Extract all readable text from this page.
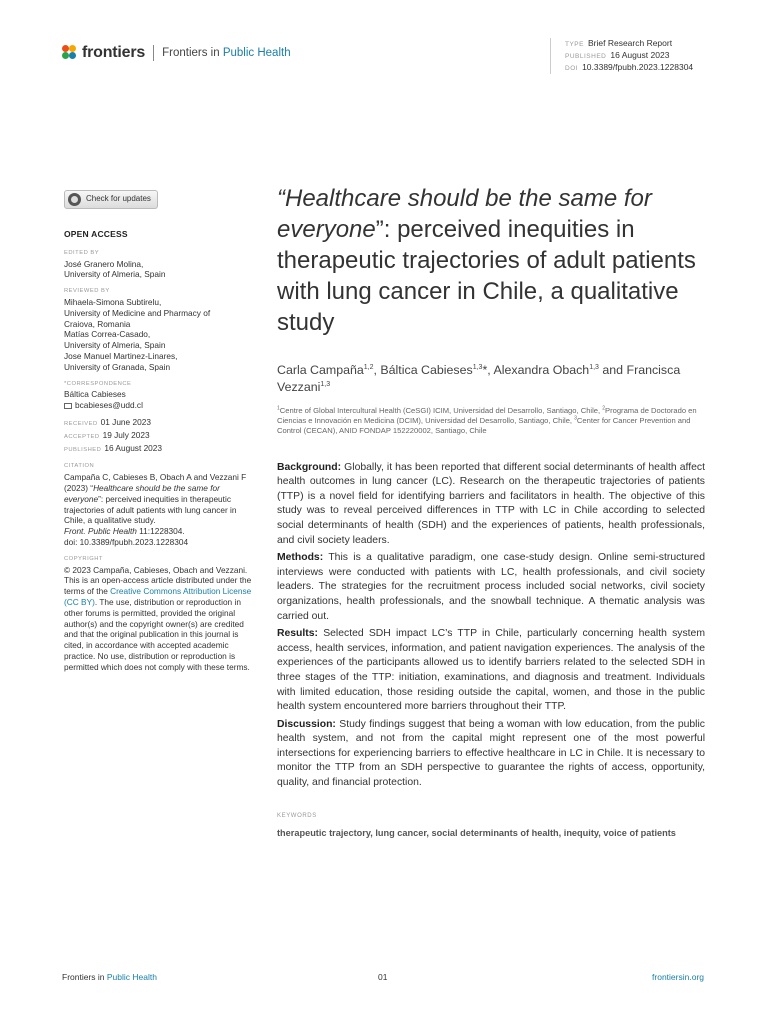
frontiers Frontiers in Public Health
TYPE Brief Research Report
PUBLISHED 16 August 2023
DOI 10.3389/fpubh.2023.1228304
Check for updates
OPEN ACCESS
EDITED BY
José Granero Molina,
University of Almeria, Spain
REVIEWED BY
Mihaela-Simona Subtirelu,
University of Medicine and Pharmacy of
Craiova, Romania
Matías Correa-Casado,
University of Almeria, Spain
Jose Manuel Martinez-Linares,
University of Granada, Spain
*CORRESPONDENCE
Báltica Cabieses
bcabieses@udd.cl
RECEIVED 01 June 2023
ACCEPTED 19 July 2023
PUBLISHED 16 August 2023
CITATION
Campaña C, Cabieses B, Obach A and Vezzani F (2023) “Healthcare should be the same for everyone”: perceived inequities in therapeutic trajectories of adult patients with lung cancer in Chile, a qualitative study.
Front. Public Health 11:1228304.
doi: 10.3389/fpubh.2023.1228304
COPYRIGHT
© 2023 Campaña, Cabieses, Obach and Vezzani. This is an open-access article distributed under the terms of the Creative Commons Attribution License (CC BY). The use, distribution or reproduction in other forums is permitted, provided the original author(s) and the copyright owner(s) are credited and that the original publication in this journal is cited, in accordance with accepted academic practice. No use, distribution or reproduction is permitted which does not comply with these terms.
“Healthcare should be the same for everyone”: perceived inequities in therapeutic trajectories of adult patients with lung cancer in Chile, a qualitative study
Carla Campaña$^{1,2}$, Báltica Cabieses$^{1,3}$*, Alexandra Obach$^{1,3}$ and Francisca Vezzani$^{1,3}$
$^1$Centre of Global Intercultural Health (CeSGI) ICIM, Universidad del Desarrollo, Santiago, Chile, $^2$Programa de Doctorado en Ciencias e Innovación en Medicina (DCIM), Universidad del Desarrollo, Santiago, Chile, $^3$Center for Cancer Prevention and Control (CECAN), ANID FONDAP 152220002, Santiago, Chile

Background: Globally, it has been reported that different social determinants of health affect health outcomes in lung cancer (LC). Research on the therapeutic trajectories of patients (TTP) is a novel field for identifying barriers and facilitators in health. The objective of this study was to reveal perceived differences in TTP with LC in Chile according to selected social determinants of health (SDH) and the experiences of patients, health professionals, and civil society leaders.

Methods: This is a qualitative paradigm, one case-study design. Online semi-structured interviews were conducted with patients with LC, health professionals, and civil society leaders. The strategies for the recruitment process included social networks, civil society organizations, health professionals, and the snowball technique. A thematic analysis was carried out.

Results: Selected SDH impact LC’s TTP in Chile, particularly concerning health system access, health services, information, and patient navigation experiences. The analysis of the experiences of the participants allowed us to identify barriers related to the selected SDH in three stages of the TTP: initiation, examinations, and diagnosis and treatment. Individuals with limited education, those residing outside the capital, women, and those in the public health system encountered more barriers throughout their TTP.

Discussion: Study findings suggest that being a woman with low education, from the public health system, and not from the capital might represent one of the most powerful intersections for experiencing barriers to effective healthcare in LC in Chile. It is necessary to monitor the TTP from an SDH perspective to guarantee the rights of access, opportunity, quality, and financial protection.

KEYWORDS
therapeutic trajectory, lung cancer, social determinants of health, inequity, voice of patients
Frontiers in Public Health	01	frontiersin.org
